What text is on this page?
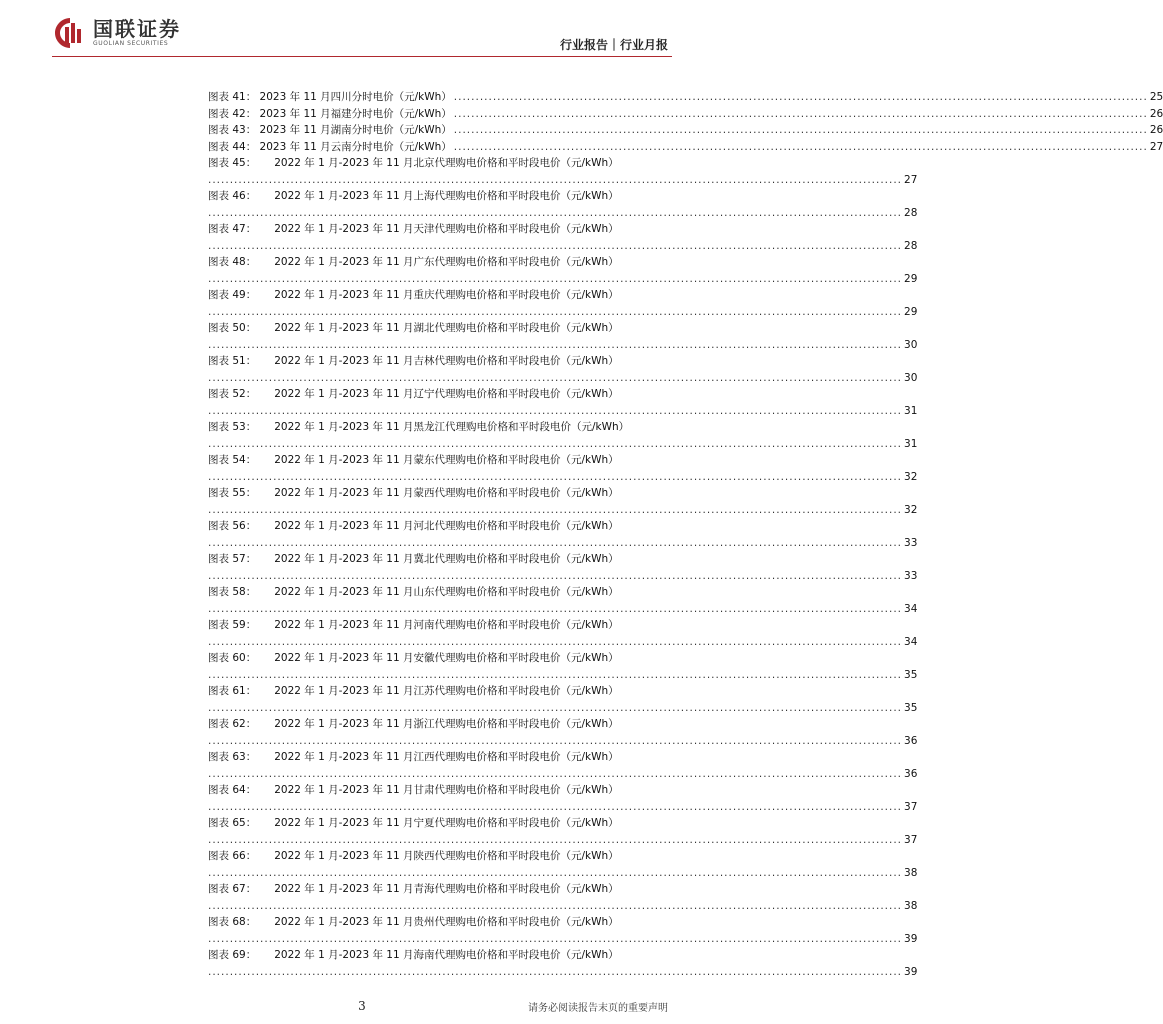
国联证券
GUOLIAN SECURITIES	行业报告｜行业月报
图表 41： 2023 年 11 月四川分时电价（元/kWh） ................................................................................................................................................................ 25
图表 42： 2023 年 11 月福建分时电价（元/kWh） ................................................................................................................................................................ 26
图表 43： 2023 年 11 月湖南分时电价（元/kWh） ................................................................................................................................................................ 26
图表 44： 2023 年 11 月云南分时电价（元/kWh） ................................................................................................................................................................ 27
图表 45： 2022 年 1 月-2023 年 11 月北京代理购电价格和平时段电价（元/kWh）
................................................................................................................................................................ 27
图表 46： 2022 年 1 月-2023 年 11 月上海代理购电价格和平时段电价（元/kWh）
................................................................................................................................................................ 28
图表 47： 2022 年 1 月-2023 年 11 月天津代理购电价格和平时段电价（元/kWh）
................................................................................................................................................................ 28
图表 48： 2022 年 1 月-2023 年 11 月广东代理购电价格和平时段电价（元/kWh）
................................................................................................................................................................ 29
图表 49： 2022 年 1 月-2023 年 11 月重庆代理购电价格和平时段电价（元/kWh）
................................................................................................................................................................ 29
图表 50： 2022 年 1 月-2023 年 11 月湖北代理购电价格和平时段电价（元/kWh）
................................................................................................................................................................ 30
图表 51： 2022 年 1 月-2023 年 11 月吉林代理购电价格和平时段电价（元/kWh）
................................................................................................................................................................ 30
图表 52： 2022 年 1 月-2023 年 11 月辽宁代理购电价格和平时段电价（元/kWh）
................................................................................................................................................................ 31
图表 53： 2022 年 1 月-2023 年 11 月黑龙江代理购电价格和平时段电价（元/kWh）
................................................................................................................................................................ 31
图表 54： 2022 年 1 月-2023 年 11 月蒙东代理购电价格和平时段电价（元/kWh）
................................................................................................................................................................ 32
图表 55： 2022 年 1 月-2023 年 11 月蒙西代理购电价格和平时段电价（元/kWh）
................................................................................................................................................................ 32
图表 56： 2022 年 1 月-2023 年 11 月河北代理购电价格和平时段电价（元/kWh）
................................................................................................................................................................ 33
图表 57： 2022 年 1 月-2023 年 11 月冀北代理购电价格和平时段电价（元/kWh）
................................................................................................................................................................ 33
图表 58： 2022 年 1 月-2023 年 11 月山东代理购电价格和平时段电价（元/kWh）
................................................................................................................................................................ 34
图表 59： 2022 年 1 月-2023 年 11 月河南代理购电价格和平时段电价（元/kWh）
................................................................................................................................................................ 34
图表 60： 2022 年 1 月-2023 年 11 月安徽代理购电价格和平时段电价（元/kWh）
................................................................................................................................................................ 35
图表 61： 2022 年 1 月-2023 年 11 月江苏代理购电价格和平时段电价（元/kWh）
................................................................................................................................................................ 35
图表 62： 2022 年 1 月-2023 年 11 月浙江代理购电价格和平时段电价（元/kWh）
................................................................................................................................................................ 36
图表 63： 2022 年 1 月-2023 年 11 月江西代理购电价格和平时段电价（元/kWh）
................................................................................................................................................................ 36
图表 64： 2022 年 1 月-2023 年 11 月甘肃代理购电价格和平时段电价（元/kWh）
................................................................................................................................................................ 37
图表 65： 2022 年 1 月-2023 年 11 月宁夏代理购电价格和平时段电价（元/kWh）
................................................................................................................................................................ 37
图表 66： 2022 年 1 月-2023 年 11 月陕西代理购电价格和平时段电价（元/kWh）
................................................................................................................................................................ 38
图表 67： 2022 年 1 月-2023 年 11 月青海代理购电价格和平时段电价（元/kWh）
................................................................................................................................................................ 38
图表 68： 2022 年 1 月-2023 年 11 月贵州代理购电价格和平时段电价（元/kWh）
................................................................................................................................................................ 39
图表 69： 2022 年 1 月-2023 年 11 月海南代理购电价格和平时段电价（元/kWh）
................................................................................................................................................................ 39
3	请务必阅读报告末页的重要声明
